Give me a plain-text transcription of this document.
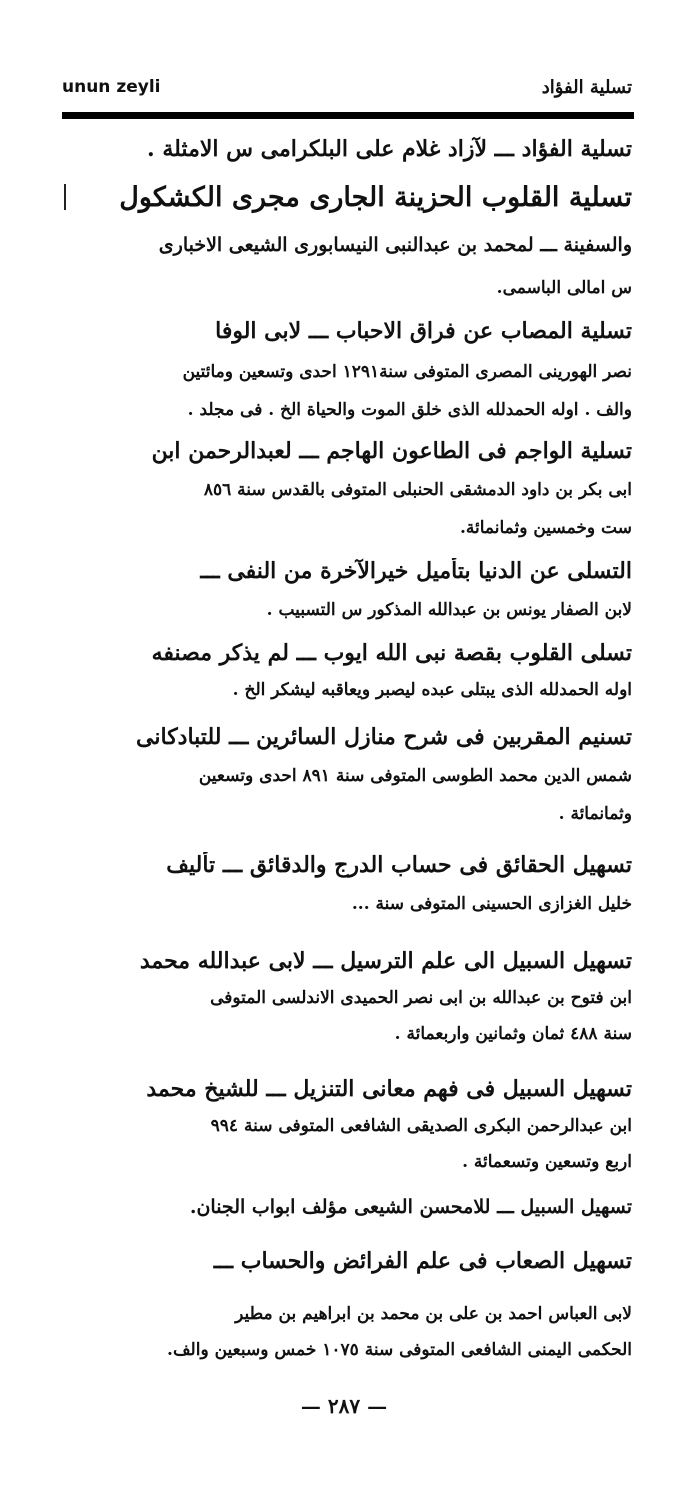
unun zeyli	تسلية الفؤاد
تسلية الفؤاد ـــ لآزاد غلام على البلكرامى س الامثلة .
تسلية القلوب الحزينة الجارى مجرى الكشكول
والسفينة ـــ لمحمد بن عبدالنبى النيسابورى الشيعى الاخبارى
س امالى الباسمى.
تسلية المصاب عن فراق الاحباب ـــ لابى الوفا
نصر الهورينى المصرى المتوفى سنة١٢٩١ احدى وتسعين ومائتين
والف . اوله الحمدلله الذى خلق الموت والحياة الخ . فى مجلد .
تسلية الواجم فى الطاعون الهاجم ـــ لعبدالرحمن ابن
ابى بكر بن داود الدمشقى الحنبلى المتوفى بالقدس سنة ٨٥٦
ست وخمسين وثمانمائة.
التسلى عن الدنيا بتأميل خيرالآخرة من النفى ـــ
لابن الصفار يونس بن عبدالله المذكور س التسبيب .
تسلى القلوب بقصة نبى الله ايوب ـــ لم يذكر مصنفه
اوله الحمدلله الذى يبتلى عبده ليصبر ويعاقبه ليشكر الخ .
تسنيم المقربين فى شرح منازل السائرين ـــ للتبادكانى
شمس الدين محمد الطوسى المتوفى سنة ٨٩١ احدى وتسعين
وثمانمائة .
تسهيل الحقائق فى حساب الدرج والدقائق ـــ تأليف
خليل الغزازى الحسينى المتوفى سنة ...
تسهيل السبيل الى علم الترسيل ـــ لابى عبدالله محمد
ابن فتوح بن عبدالله بن ابى نصر الحميدى الاندلسى المتوفى
سنة ٤٨٨ ثمان وثمانين واربعمائة .
تسهيل السبيل فى فهم معانى التنزيل ـــ للشيخ محمد
ابن عبدالرحمن البكرى الصديقى الشافعى المتوفى سنة ٩٩٤
اربع وتسعين وتسعمائة .
تسهيل السبيل ـــ للامحسن الشيعى مؤلف ابواب الجنان.
تسهيل الصعاب فى علم الفرائض والحساب ـــ
لابى العباس احمد بن على بن محمد بن ابراهيم بن مطير
الحكمى اليمنى الشافعى المتوفى سنة ١٠٧٥ خمس وسبعين والف.
— ٢٨٧ —
